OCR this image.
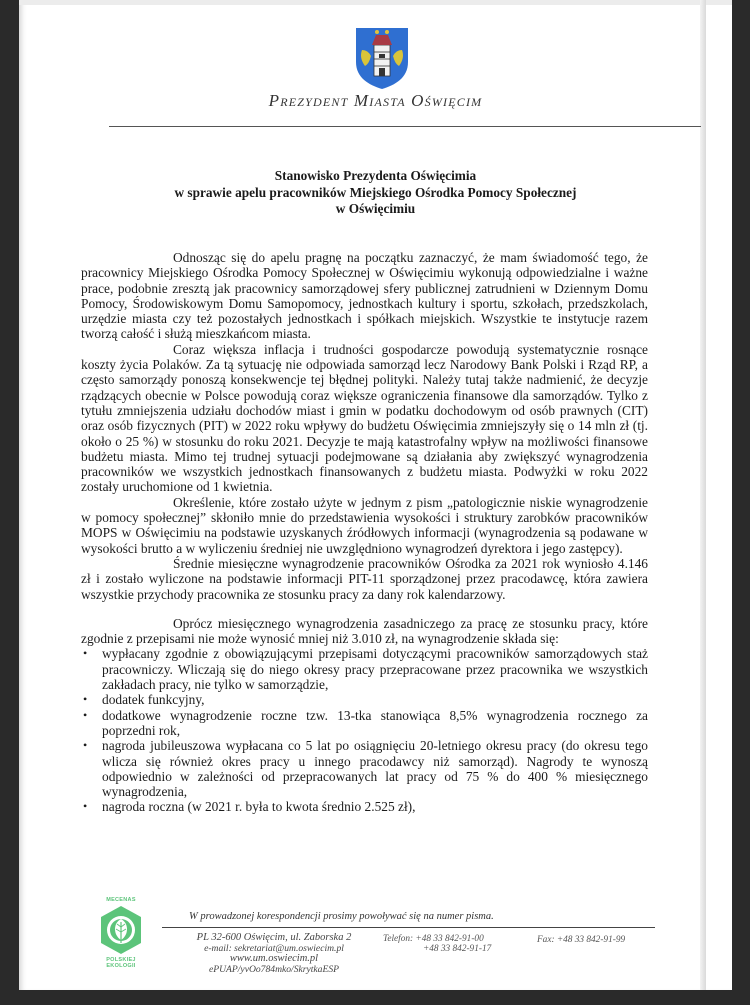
Prezydent Miasta Oświęcim
Stanowisko Prezydenta Oświęcimia
w sprawie apelu pracowników Miejskiego Ośrodka Pomocy Społecznej
w Oświęcimiu

Odnosząc się do apelu pragnę na początku zaznaczyć, że mam świadomość tego, że pracownicy Miejskiego Ośrodka Pomocy Społecznej w Oświęcimiu wykonują odpowiedzialne i ważne prace, podobnie zresztą jak pracownicy samorządowej sfery publicznej zatrudnieni w Dziennym Domu Pomocy, Środowiskowym Domu Samopomocy, jednostkach kultury i sportu, szkołach, przedszkolach, urzędzie miasta czy też pozostałych jednostkach i spółkach miejskich. Wszystkie te instytucje razem tworzą całość i służą mieszkańcom miasta.

Coraz większa inflacja i trudności gospodarcze powodują systematycznie rosnące koszty życia Polaków. Za tą sytuację nie odpowiada samorząd lecz Narodowy Bank Polski i Rząd RP, a często samorządy ponoszą konsekwencje tej błędnej polityki. Należy tutaj także nadmienić, że decyzje rządzących obecnie w Polsce powodują coraz większe ograniczenia finansowe dla samorządów. Tylko z tytułu zmniejszenia udziału dochodów miast i gmin w podatku dochodowym od osób prawnych (CIT) oraz osób fizycznych (PIT) w 2022 roku wpływy do budżetu Oświęcimia zmniejszyły się o 14 mln zł (tj. około o 25 %) w stosunku do roku 2021. Decyzje te mają katastrofalny wpływ na możliwości finansowe budżetu miasta. Mimo tej trudnej sytuacji podejmowane są działania aby zwiększyć wynagrodzenia pracowników we wszystkich jednostkach finansowanych z budżetu miasta. Podwyżki w roku 2022 zostały uruchomione od 1 kwietnia.

Określenie, które zostało użyte w jednym z pism „patologicznie niskie wynagrodzenie w pomocy społecznej” skłoniło mnie do przedstawienia wysokości i struktury zarobków pracowników MOPS w Oświęcimiu na podstawie uzyskanych źródłowych informacji (wynagrodzenia są podawane w wysokości brutto a w wyliczeniu średniej nie uwzględniono wynagrodzeń dyrektora i jego zastępcy).

Średnie miesięczne wynagrodzenie pracowników Ośrodka za 2021 rok wyniosło 4.146 zł i zostało wyliczone na podstawie informacji PIT-11 sporządzonej przez pracodawcę, która zawiera wszystkie przychody pracownika ze stosunku pracy za dany rok kalendarzowy.

Oprócz miesięcznego wynagrodzenia zasadniczego za pracę ze stosunku pracy, które zgodnie z przepisami nie może wynosić mniej niż 3.010 zł, na wynagrodzenie składa się:

• wypłacany zgodnie z obowiązującymi przepisami dotyczącymi pracowników samorządowych staż pracowniczy. Wliczają się do niego okresy pracy przepracowane przez pracownika we wszystkich zakładach pracy, nie tylko w samorządzie,
• dodatek funkcyjny,
• dodatkowe wynagrodzenie roczne tzw. 13-tka stanowiąca 8,5% wynagrodzenia rocznego za poprzedni rok,
• nagroda jubileuszowa wypłacana co 5 lat po osiągnięciu 20-letniego okresu pracy (do okresu tego wlicza się również okres pracy u innego pracodawcy niż samorząd). Nagrody te wynoszą odpowiednio w zależności od przepracowanych lat pracy od 75 % do 400 % miesięcznego wynagrodzenia,
• nagroda roczna (w 2021 r. była to kwota średnio 2.525 zł),
MECENAS
POLSKIEJ EKOLOGII
W prowadzonej korespondencji prosimy powoływać się na numer pisma.
PL 32-600 Oświęcim, ul. Zaborska 2
e-mail: sekretariat@um.oswiecim.pl
www.um.oswiecim.pl
ePUAP/yvOo784mko/SkrytkaESP
Telefon: +48 33 842-91-00
+48 33 842-91-17
Fax: +48 33 842-91-99
